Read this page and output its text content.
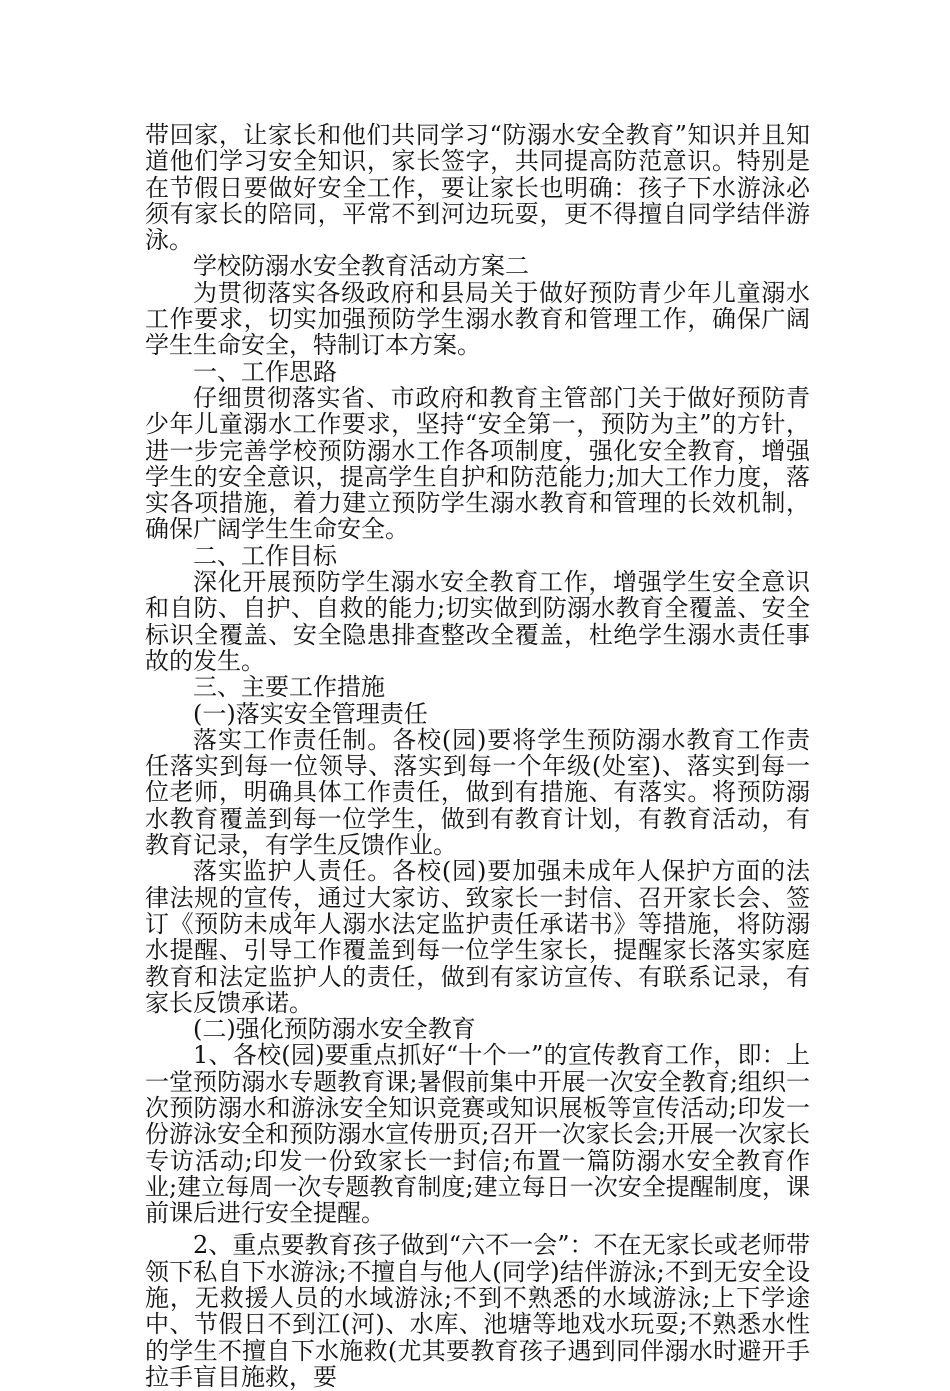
带回家，让家长和他们共同学习“防溺水安全教育”知识并且知道他们学习安全知识，家长签字，共同提高防范意识。特别是在节假日要做好安全工作，要让家长也明确：孩子下水游泳必须有家长的陪同，平常不到河边玩耍，更不得擅自同学结伴游泳。

学校防溺水安全教育活动方案二

为贯彻落实各级政府和县局关于做好预防青少年儿童溺水工作要求，切实加强预防学生溺水教育和管理工作，确保广阔学生生命安全，特制订本方案。

一、工作思路

仔细贯彻落实省、市政府和教育主管部门关于做好预防青少年儿童溺水工作要求，坚持“安全第一，预防为主”的方针，进一步完善学校预防溺水工作各项制度，强化安全教育，增强学生的安全意识，提高学生自护和防范能力;加大工作力度，落实各项措施，着力建立预防学生溺水教育和管理的长效机制，确保广阔学生生命安全。

二、工作目标

深化开展预防学生溺水安全教育工作，增强学生安全意识和自防、自护、自救的能力;切实做到防溺水教育全覆盖、安全标识全覆盖、安全隐患排查整改全覆盖，杜绝学生溺水责任事故的发生。

三、主要工作措施

(一)落实安全管理责任

落实工作责任制。各校(园)要将学生预防溺水教育工作责任落实到每一位领导、落实到每一个年级(处室)、落实到每一位老师，明确具体工作责任，做到有措施、有落实。将预防溺水教育覆盖到每一位学生，做到有教育计划，有教育活动，有教育记录，有学生反馈作业。

落实监护人责任。各校(园)要加强未成年人保护方面的法律法规的宣传，通过大家访、致家长一封信、召开家长会、签订《预防未成年人溺水法定监护责任承诺书》等措施，将防溺水提醒、引导工作覆盖到每一位学生家长，提醒家长落实家庭教育和法定监护人的责任，做到有家访宣传、有联系记录，有家长反馈承诺。

(二)强化预防溺水安全教育

1、各校(园)要重点抓好“十个一”的宣传教育工作，即：上一堂预防溺水专题教育课;暑假前集中开展一次安全教育;组织一次预防溺水和游泳安全知识竞赛或知识展板等宣传活动;印发一份游泳安全和预防溺水宣传册页;召开一次家长会;开展一次家长专访活动;印发一份致家长一封信;布置一篇防溺水安全教育作业;建立每周一次专题教育制度;建立每日一次安全提醒制度，课前课后进行安全提醒。

2、重点要教育孩子做到“六不一会”：不在无家长或老师带领下私自下水游泳;不擅自与他人(同学)结伴游泳;不到无安全设施，无救援人员的水域游泳;不到不熟悉的水域游泳;上下学途中、节假日不到江(河)、水库、池塘等地戏水玩耍;不熟悉水性的学生不擅自下水施救(尤其要教育孩子遇到同伴溺水时避开手拉手盲目施救，要
